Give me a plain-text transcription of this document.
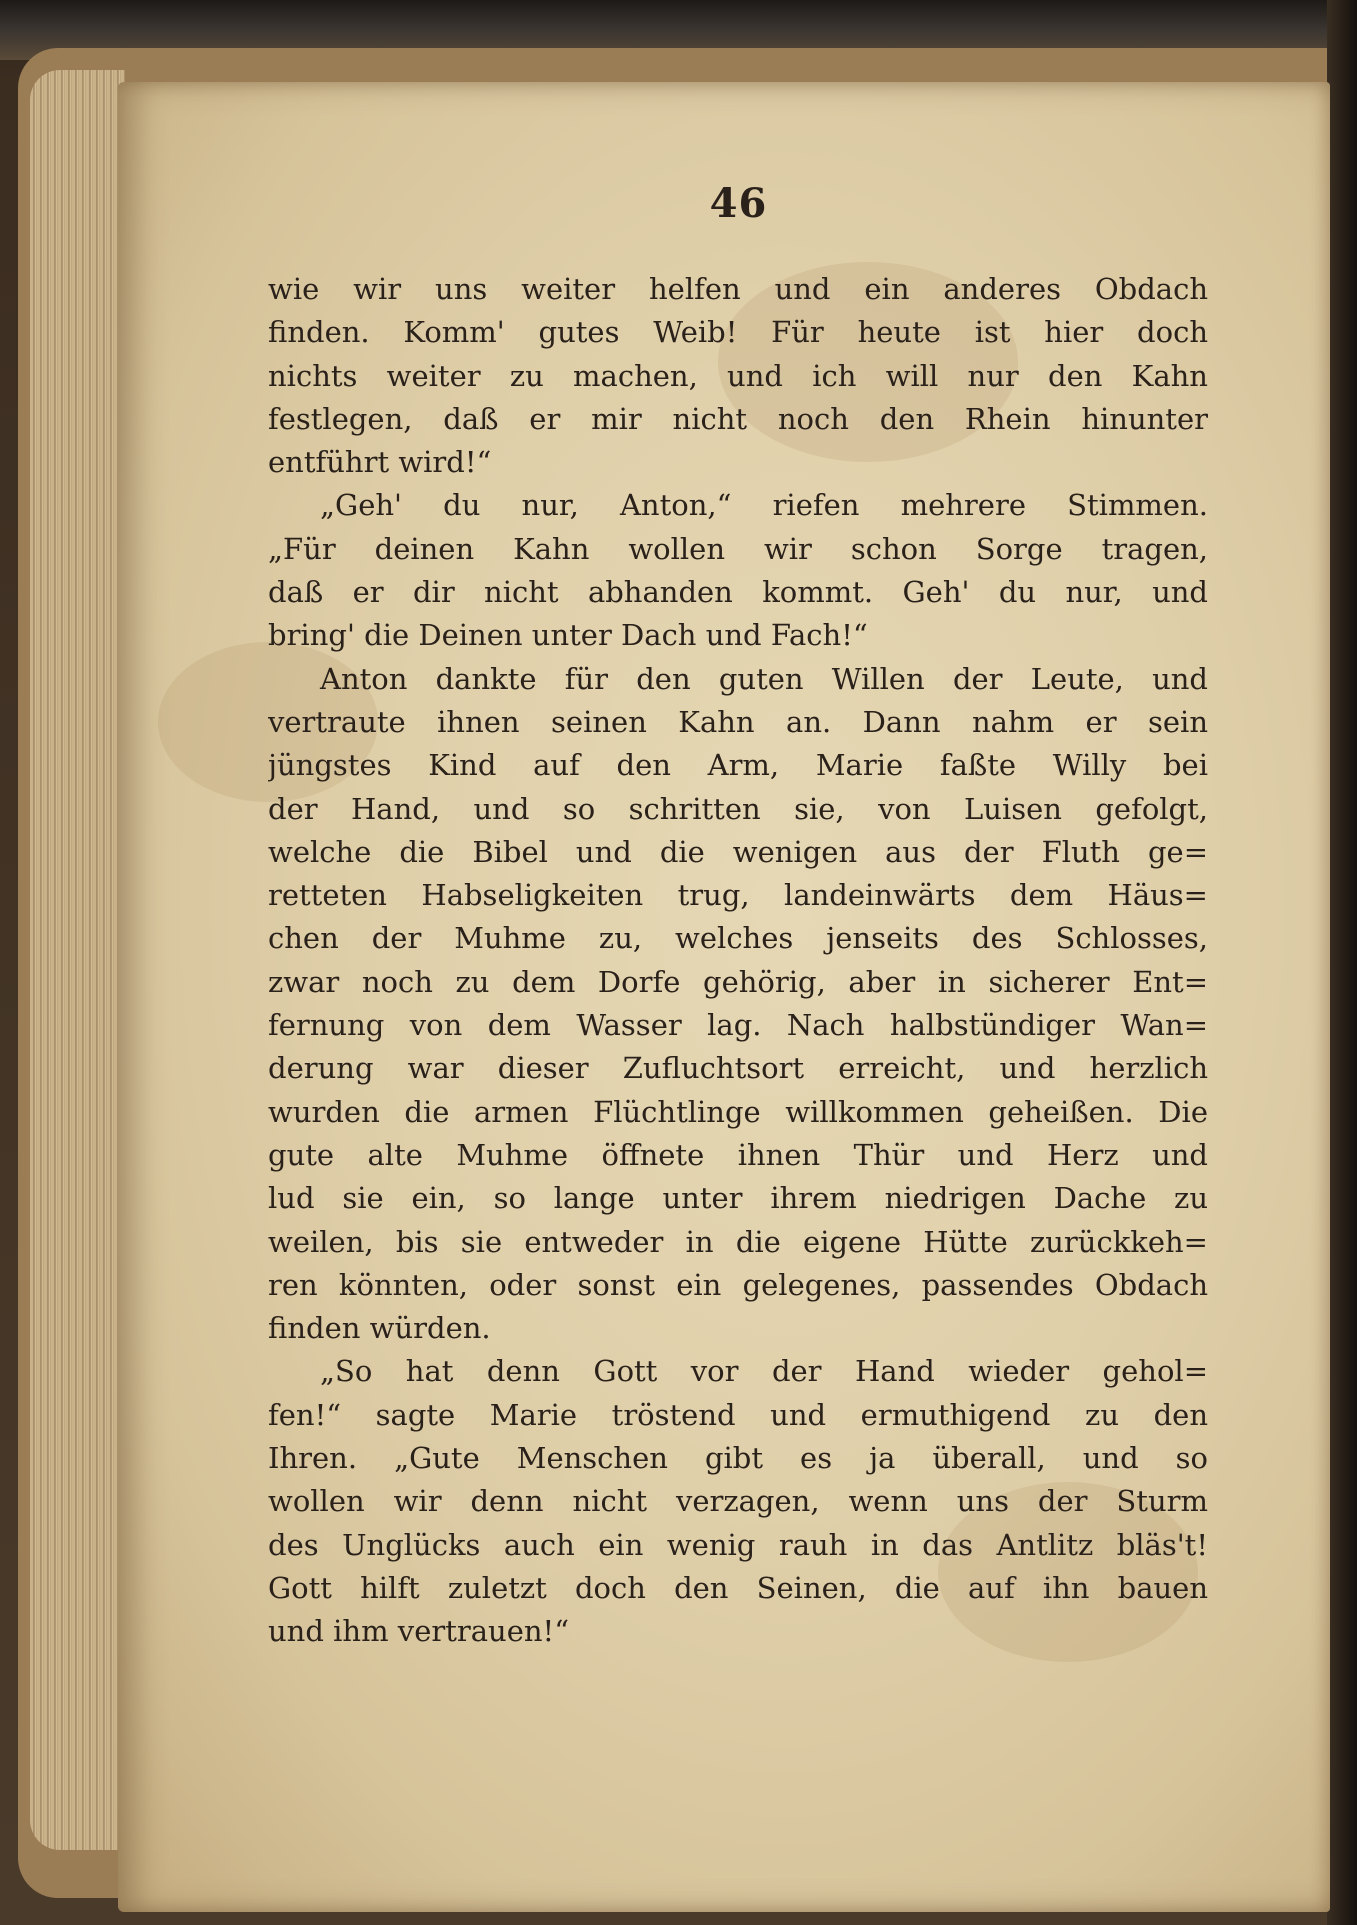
46
wie wir uns weiter helfen und ein anderes Obdach
finden. Komm' gutes Weib! Für heute ist hier doch
nichts weiter zu machen, und ich will nur den Kahn
festlegen, daß er mir nicht noch den Rhein hinunter
entführt wird!“
„Geh' du nur, Anton,“ riefen mehrere Stimmen.
„Für deinen Kahn wollen wir schon Sorge tragen,
daß er dir nicht abhanden kommt. Geh' du nur, und
bring' die Deinen unter Dach und Fach!“
Anton dankte für den guten Willen der Leute, und
vertraute ihnen seinen Kahn an. Dann nahm er sein
jüngstes Kind auf den Arm, Marie faßte Willy bei
der Hand, und so schritten sie, von Luisen gefolgt,
welche die Bibel und die wenigen aus der Fluth ge=
retteten Habseligkeiten trug, landeinwärts dem Häus=
chen der Muhme zu, welches jenseits des Schlosses,
zwar noch zu dem Dorfe gehörig, aber in sicherer Ent=
fernung von dem Wasser lag. Nach halbstündiger Wan=
derung war dieser Zufluchtsort erreicht, und herzlich
wurden die armen Flüchtlinge willkommen geheißen. Die
gute alte Muhme öffnete ihnen Thür und Herz und
lud sie ein, so lange unter ihrem niedrigen Dache zu
weilen, bis sie entweder in die eigene Hütte zurückkeh=
ren könnten, oder sonst ein gelegenes, passendes Obdach
finden würden.
„So hat denn Gott vor der Hand wieder gehol=
fen!“ sagte Marie tröstend und ermuthigend zu den
Ihren. „Gute Menschen gibt es ja überall, und so
wollen wir denn nicht verzagen, wenn uns der Sturm
des Unglücks auch ein wenig rauh in das Antlitz bläs't!
Gott hilft zuletzt doch den Seinen, die auf ihn bauen
und ihm vertrauen!“
